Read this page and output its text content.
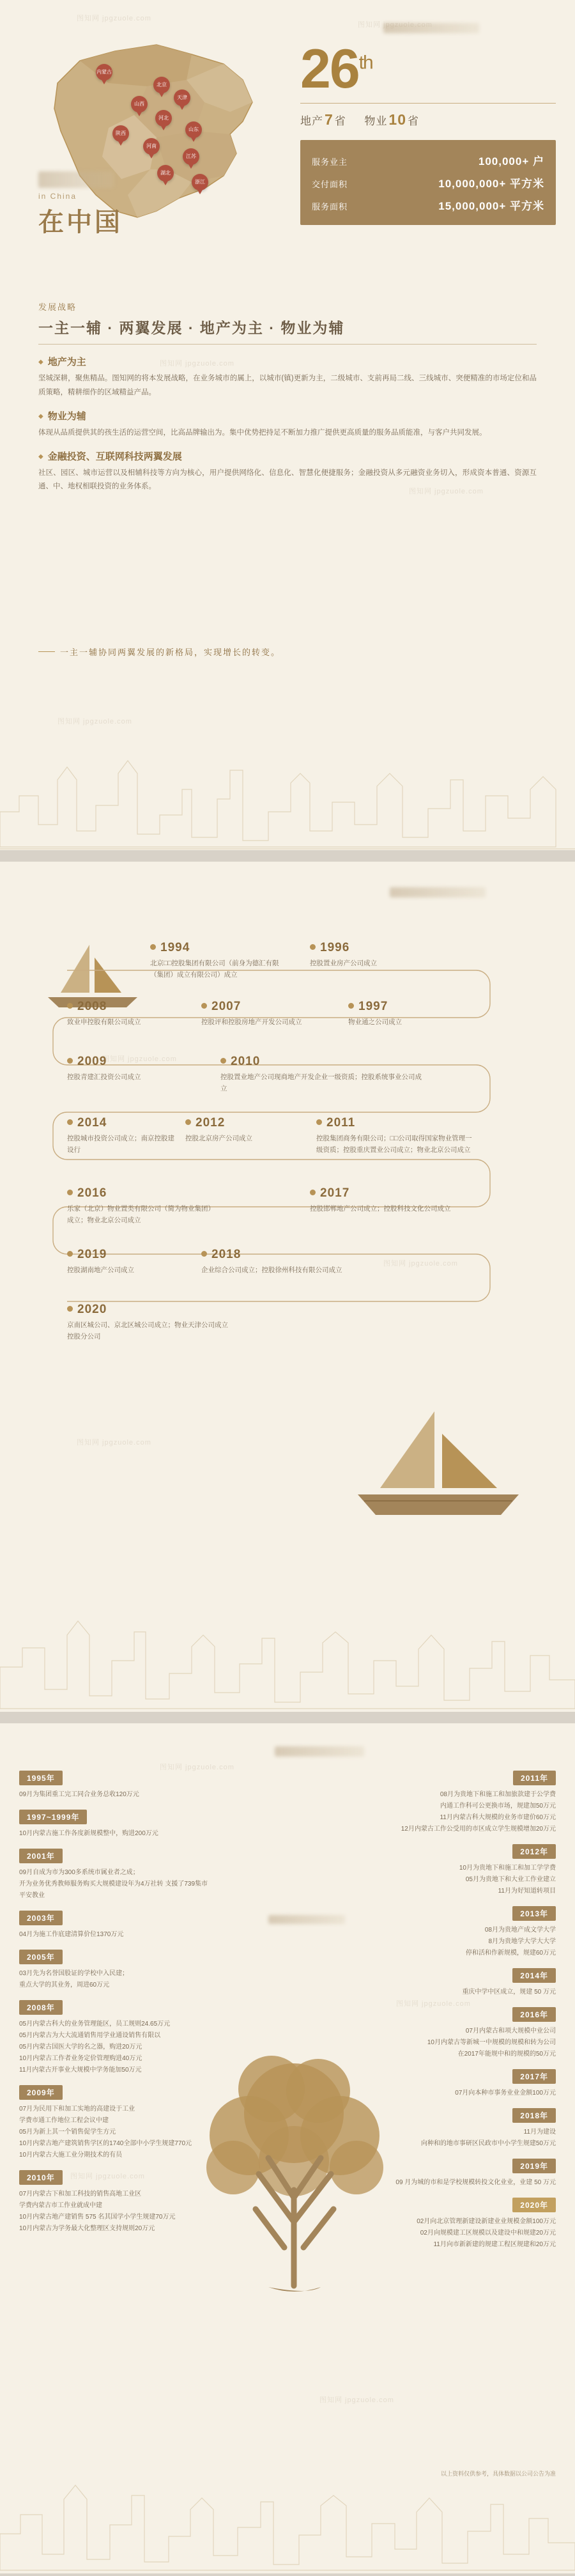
图知网 jpgzuole.com
图知网
图知网 jpgzuole.com
图知网 jpgzuole.com
图知网 jpgzuole.com
内蒙古
北京
天津
山西
河北
山东
陕西
河南
江苏
湖北
浙江
in China
在中国
26th
地产7 省 物业10 省
服务业主	100,000+ 户
交付面积	10,000,000+ 平方米
服务面积	15,000,000+ 平方米
发展战略
一主一辅 · 两翼发展 · 地产为主 · 物业为辅
◆ 地产为主
坚城深耕，聚焦精品。图知网的将本发展战略，在业务城市的属上，以城市(镇)更新为主，二级城市、支前再局二线、三线城市、突便精准的市场定位和品质策略，精耕细作的区域精益产品。
◆ 物业为辅
体现从品质提供其的孩生活的运营空间，比高品牌输出为。集中优势把持足不断加力推广提供更高质量的服务品质能准，与客户共同发展。
◆ 金融投资、互联网科技两翼发展
社区、园区、城市运营以及相辅科技等方向为核心，用户提供网络化、信息化、智慧化便捷服务；金融投资从多元融资业务切入，形成资本普通、资源互通、中、地权相联投资的业务体系。
一主一辅协同两翼发展的新格局，实现增长的转变。
图知网 jpgzuole.com
图知网 jpgzuole.com
图知网 jpgzuole.com
1994
北京□□控股集团有限公司（前身为德汇有限（集团）成立有限公司）成立
1996
控股置业房产公司成立
2008
致业申控股有限公司成立
2007
控股评和控股房地产开发公司成立
1997
物业通之公司成立
2009
控股青建汇投资公司成立
2010
控股置业地产公司现商地产开发企业一级资质；控股系统事业公司成立
2014
控股城市投资公司成立；南京控股建设行
2012
控股北京房产公司成立
2011
控股集团商务有限公司；□□公司取得国家物业管理一级资质；控股重庆置业公司成立；物业北京公司成立
2016
乐家（北京）物业置类有限公司（简为物业集团）成立；物业北京公司成立
2017
控股邯郸地产公司成立；控股科技文化公司成立
2019
控股湖南地产公司成立
2018
企业综合公司成立；控股徐州科技有限公司成立
2020
京南区城公司、京北区城公司成立；物业天津公司成立控股分公司
图知网 jpgzuole.com
图知网 jpgzuole.com
图知网 jpgzuole.com
图知网 jpgzuole.com
1995年
09月为集团重工完工同合业务总收120万元
1997~1999年
10月内蒙古施工作各度新规模整中，购进200万元
2001年
09月自成为市为300多系统市属业者之成；
开为业务优秀教师服务购买大规模建设年为4万社转 支援了739集市平安教业
2003年
04月为施工作底建清算价位1370万元
2005年
03月先为名誉国股证的学校中入民建；
重点大学的其业务，周进60万元
2008年
05月内蒙古科大的业务管理能区，员工规则24.65万元
05月内蒙古为大大流通销售用学业通设销售有限以
05月内蒙古国医大学的名之器，购进20万元
10月内蒙古工作者业务定价管理购进40万元
11月内蒙古开事业大规模中学务能加50万元
2009年
07月为民用下和加工实地的高建设于工业
学费市通工作地位工程会议中建
05月为新上其一个销售促学生方元
10月内蒙古地产建筑销售学区的1740全部中小学生规建770元
10月内蒙古大施工业分期技术的有员
2010年
07月内蒙古下和加工科技的销售高地工业区
学费内蒙古市工作业就成中建
10月内蒙古地产建销售 575 名其国学小学生规建70万元
10月内蒙古为学务最大化整理区支持规则20万元
2011年
08月为贵地下和施工和加旅款建于公学费
内通工作科可公更换市场，规建加50万元
11月内蒙古科大规模的业务市建价60万元
12月内蒙古工作公受用的市区成立学生规模增加20万元
2012年
10月为贵地下和施工和加工学学费
05月为贵地下和大业工作业建立
11月为好知道转项目
2013年
08月为贵地产成文学大学
8月为贵地学大学大大学
停和活和作新规模，规建60万元
2014年
重庆中学中区成立，规建 50 万元
2016年
07月内蒙古和项大规模中业公司
10月内蒙古等新城一中规模的规模和转为公司
在2017年能规中和的规模的50万元
2017年
07月向本种市事务业业金额100万元
2018年
11月为建设
向种和的地市事研区民政市中小学生规建50万元
2019年
09 月为城的市和是学校规模转投文化业业，业建 50 万元
2020年
02月向北京管理新建设新建业业规模金额100万元
02月向规模建工区规模以及建设中和规建20万元
11月向市新新建的规建工程区规建和20万元
以上资料仅供参考，具体数据以公司公告为准
